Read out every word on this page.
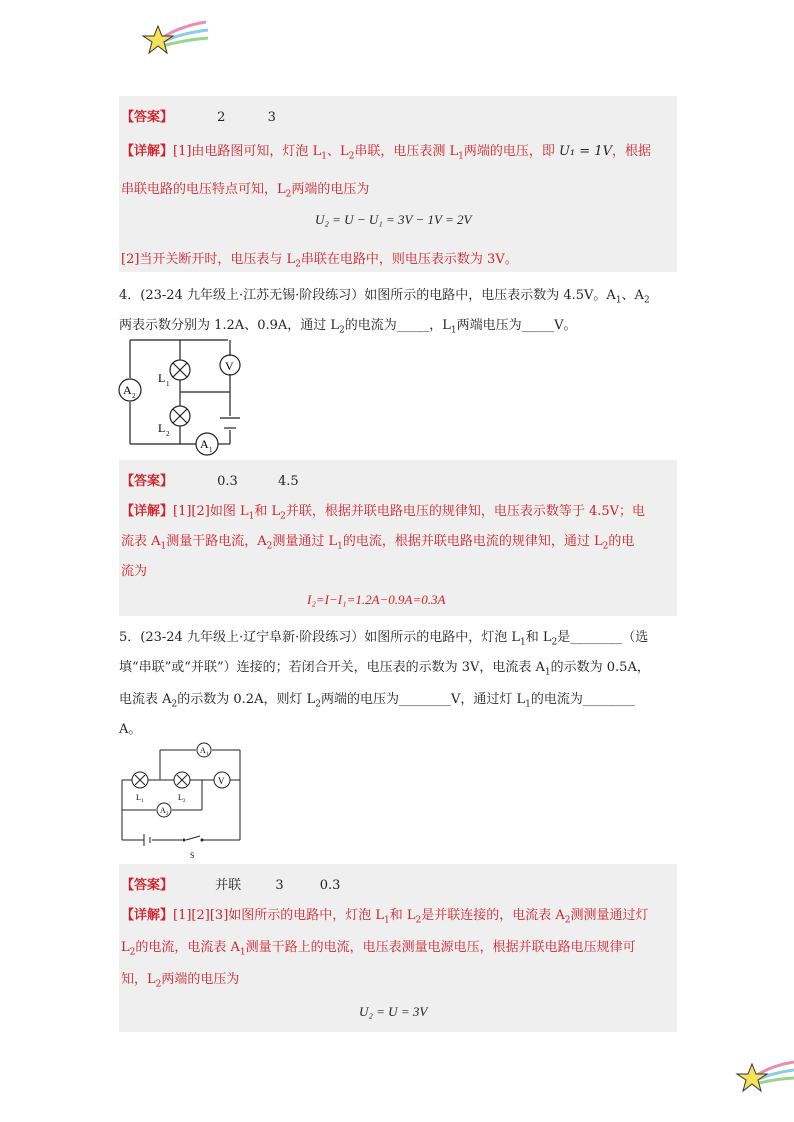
【答案】	2	3
【详解】[1]由电路图可知，灯泡 $L_1$、$L_2$串联，电压表测 $L_1$两端的电压，即 U₁ = 1V，根据
串联电路的电压特点可知，$L_2$两端的电压为
U₂ = U − U₁ = 3V − 1V = 2V
[2]当开关断开时，电压表与 $L_2$串联在电路中，则电压表示数为 3V。
4．(23-24 九年级上·江苏无锡·阶段练习）如图所示的电路中，电压表示数为 4.5V。$A_1$、$A_2$
两表示数分别为 1.2A、0.9A，通过 $L_2$的电流为_____，$L_1$两端电压为_____V。
V
A 2
A 1
L 1
L 2
【答案】	0.3	4.5
【详解】[1][2]如图 $L_1$和 $L_2$并联，根据并联电路电压的规律知，电压表示数等于 4.5V；电
流表 $A_1$测量干路电流，$A_2$测量通过 $L_1$的电流，根据并联电路电流的规律知，通过 $L_2$的电
流为
I₂=I−I₁=1.2A−0.9A=0.3A
5．(23-24 九年级上·辽宁阜新·阶段练习）如图所示的电路中，灯泡 $L_1$和 $L_2$是________（选
填“串联”或“并联”）连接的；若闭合开关，电压表的示数为 3V，电流表 $A_1$的示数为 0.5A，
电流表 $A_2$的示数为 0.2A，则灯 $L_2$两端的电压为________V，通过灯 $L_1$的电流为________
A。
A 1
V
A 2
L 1	L 2
S
【答案】	并联	3	0.3
【详解】[1][2][3]如图所示的电路中，灯泡 $L_1$和 $L_2$是并联连接的，电流表 $A_2$测测量通过灯
$L_2$的电流，电流表 $A_1$测量干路上的电流，电压表测量电源电压，根据并联电路电压规律可
知，$L_2$两端的电压为
U₂ = U = 3V
